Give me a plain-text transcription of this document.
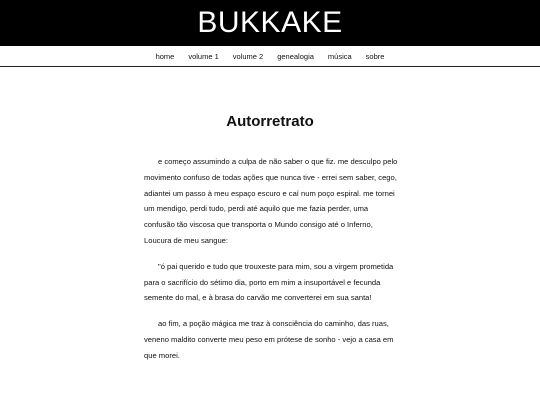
BUKKAKE
home	volume 1	volume 2	genealogia	música	sobre
Autorretrato

e começo assumindo a culpa de não saber o que fiz. me desculpo pelo movimento confuso de todas ações que nunca tive - errei sem saber, cego, adiantei um passo à meu espaço escuro e caí num poço espiral. me tornei um mendigo, perdi tudo, perdi até aquilo que me fazia perder, uma confusão tão viscosa que transporta o Mundo consigo até o Inferno, Loucura de meu sangue:

"ó pai querido e tudo que trouxeste para mim, sou a virgem prometida para o sacrifício do sétimo dia, porto em mim a insuportável e fecunda semente do mal, e à brasa do carvão me converterei em sua santa!

ao fim, a poção mágica me traz à consciência do caminho, das ruas, veneno maldito converte meu peso em prótese de sonho - vejo a casa em que morei.
